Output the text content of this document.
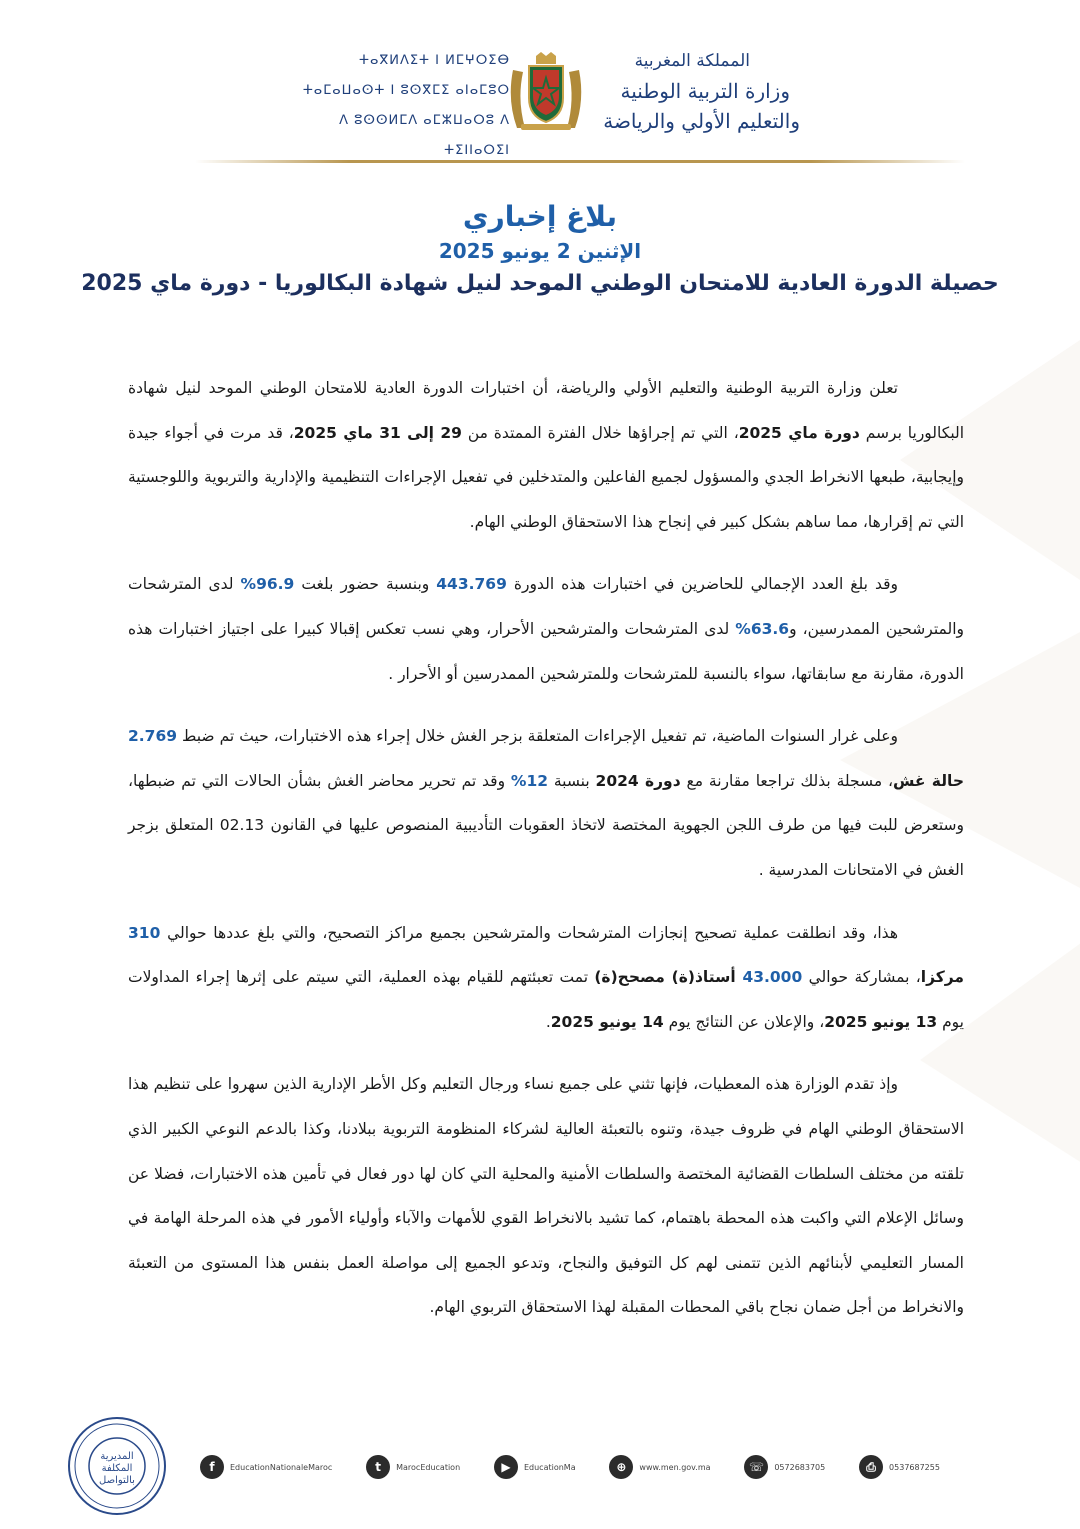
المملكة المغربية
وزارة التربية الوطنية
والتعليم الأولي والرياضة
ⵜⴰⴳⵍⴷⵉⵜ ⵏ ⵍⵎⵖⵔⵉⴱ
ⵜⴰⵎⴰⵡⴰⵙⵜ ⵏ ⵓⵙⴳⵎⵉ ⴰⵏⴰⵎⵓⵔ
ⴷ ⵓⵙⵙⵍⵎⴷ ⴰⵎⵣⵡⴰⵔⵓ ⴷ ⵜⵉⵏⵏⴰⵔⵉⵏ
بلاغ إخباري
الإثنين 2 يونيو 2025
حصيلة الدورة العادية للامتحان الوطني الموحد لنيل شهادة البكالوريا - دورة ماي 2025

تعلن وزارة التربية الوطنية والتعليم الأولي والرياضة، أن اختبارات الدورة العادية للامتحان الوطني الموحد لنيل شهادة البكالوريا برسم دورة ماي 2025، التي تم إجراؤها خلال الفترة الممتدة من 29 إلى 31 ماي 2025، قد مرت في أجواء جيدة وإيجابية، طبعها الانخراط الجدي والمسؤول لجميع الفاعلين والمتدخلين في تفعيل الإجراءات التنظيمية والإدارية والتربوية واللوجستية التي تم إقرارها، مما ساهم بشكل كبير في إنجاح هذا الاستحقاق الوطني الهام.

وقد بلغ العدد الإجمالي للحاضرين في اختبارات هذه الدورة 443.769 وبنسبة حضور بلغت 96.9% لدى المترشحات والمترشحين الممدرسين، و63.6% لدى المترشحات والمترشحين الأحرار، وهي نسب تعكس إقبالا كبيرا على اجتياز اختبارات هذه الدورة، مقارنة مع سابقاتها، سواء بالنسبة للمترشحات وللمترشحين الممدرسين أو الأحرار .

وعلى غرار السنوات الماضية، تم تفعيل الإجراءات المتعلقة بزجر الغش خلال إجراء هذه الاختبارات، حيث تم ضبط 2.769 حالة غش، مسجلة بذلك تراجعا مقارنة مع دورة 2024 بنسبة 12% وقد تم تحرير محاضر الغش بشأن الحالات التي تم ضبطها، وستعرض للبت فيها من طرف اللجن الجهوية المختصة لاتخاذ العقوبات التأديبية المنصوص عليها في القانون 02.13 المتعلق بزجر الغش في الامتحانات المدرسية .

هذا، وقد انطلقت عملية تصحيح إنجازات المترشحات والمترشحين بجميع مراكز التصحيح، والتي بلغ عددها حوالي 310 مركزا، بمشاركة حوالي 43.000 أستاذ(ة) مصحح(ة) تمت تعبئتهم للقيام بهذه العملية، التي سيتم على إثرها إجراء المداولات يوم 13 يونيو 2025، والإعلان عن النتائج يوم 14 يونيو 2025.

وإذ تقدم الوزارة هذه المعطيات، فإنها تثني على جميع نساء ورجال التعليم وكل الأطر الإدارية الذين سهروا على تنظيم هذا الاستحقاق الوطني الهام في ظروف جيدة، وتنوه بالتعبئة العالية لشركاء المنظومة التربوية ببلادنا، وكذا بالدعم النوعي الكبير الذي تلقته من مختلف السلطات القضائية المختصة والسلطات الأمنية والمحلية التي كان لها دور فعال في تأمين هذه الاختبارات، فضلا عن وسائل الإعلام التي واكبت هذه المحطة باهتمام، كما تشيد بالانخراط القوي للأمهات والآباء وأولياء الأمور في هذه المرحلة الهامة في المسار التعليمي لأبنائهم الذين تتمنى لهم كل التوفيق والنجاح، وتدعو الجميع إلى مواصلة العمل بنفس هذا المستوى من التعبئة والانخراط من أجل ضمان نجاح باقي المحطات المقبلة لهذا الاستحقاق التربوي الهام.

المديرية
المكلفة
بالتواصل
f	EducationNationaleMaroc	t	MarocEducation	▶	EducationMa	⊕	www.men.gov.ma	☏	0572683705	⎙	0537687255
